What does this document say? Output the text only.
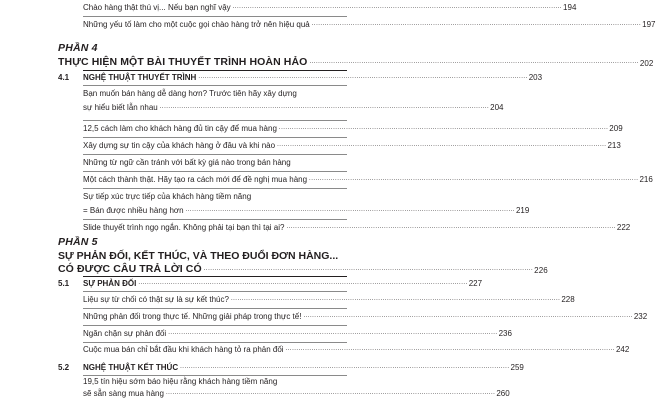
Chào hàng thật thú vị... Nếu bạn nghĩ vậy ........................................................................................................................................................ 194
Những yếu tố làm cho một cuộc gọi chào hàng trở nên hiệu quả ........................................................................................................................................................ 197
PHẦN 4
THỰC HIỆN MỘT BÀI THUYẾT TRÌNH HOÀN HẢO ........................................................................................................................................................ 202
4.1 NGHỆ THUẬT THUYẾT TRÌNH ........................................................................................................................................................ 203
Bạn muốn bán hàng dễ dàng hơn? Trước tiên hãy xây dựng
sự hiểu biết lẫn nhau ........................................................................................................................................................ 204
12,5 cách làm cho khách hàng đủ tin cậy để mua hàng ........................................................................................................................................................ 209
Xây dựng sự tin cậy của khách hàng ở đâu và khi nào ........................................................................................................................................................ 213
Những từ ngữ cần tránh với bất kỳ giá nào trong bán hàng
Một cách thành thật. Hãy tạo ra cách mới để đề nghị mua hàng ........................................................................................................................................................ 216
Sự tiếp xúc trực tiếp của khách hàng tiềm năng
= Bán được nhiều hàng hơn ........................................................................................................................................................ 219
Slide thuyết trình ngọ ngắn. Không phải tại bạn thì tại ai? ........................................................................................................................................................ 222
PHẦN 5
SỰ PHẢN ĐỐI, KẾT THÚC, VÀ THEO ĐUỔI ĐƠN HÀNG...
CÓ ĐƯỢC CÂU TRẢ LỜI CÓ ........................................................................................................................................................ 226
5.1 SỰ PHẢN ĐỐI ........................................................................................................................................................ 227
Liệu sự từ chối có thật sự là sự kết thúc? ........................................................................................................................................................ 228
Những phản đối trong thực tế. Những giải pháp trong thực tế! ........................................................................................................................................................ 232
Ngăn chặn sự phản đối ........................................................................................................................................................ 236
Cuộc mua bán chỉ bắt đầu khi khách hàng tỏ ra phản đối ........................................................................................................................................................ 242
5.2 NGHỆ THUẬT KẾT THÚC ........................................................................................................................................................ 259
19,5 tín hiệu sớm báo hiệu rằng khách hàng tiềm năng
sẽ sẵn sàng mua hàng ........................................................................................................................................................ 260
